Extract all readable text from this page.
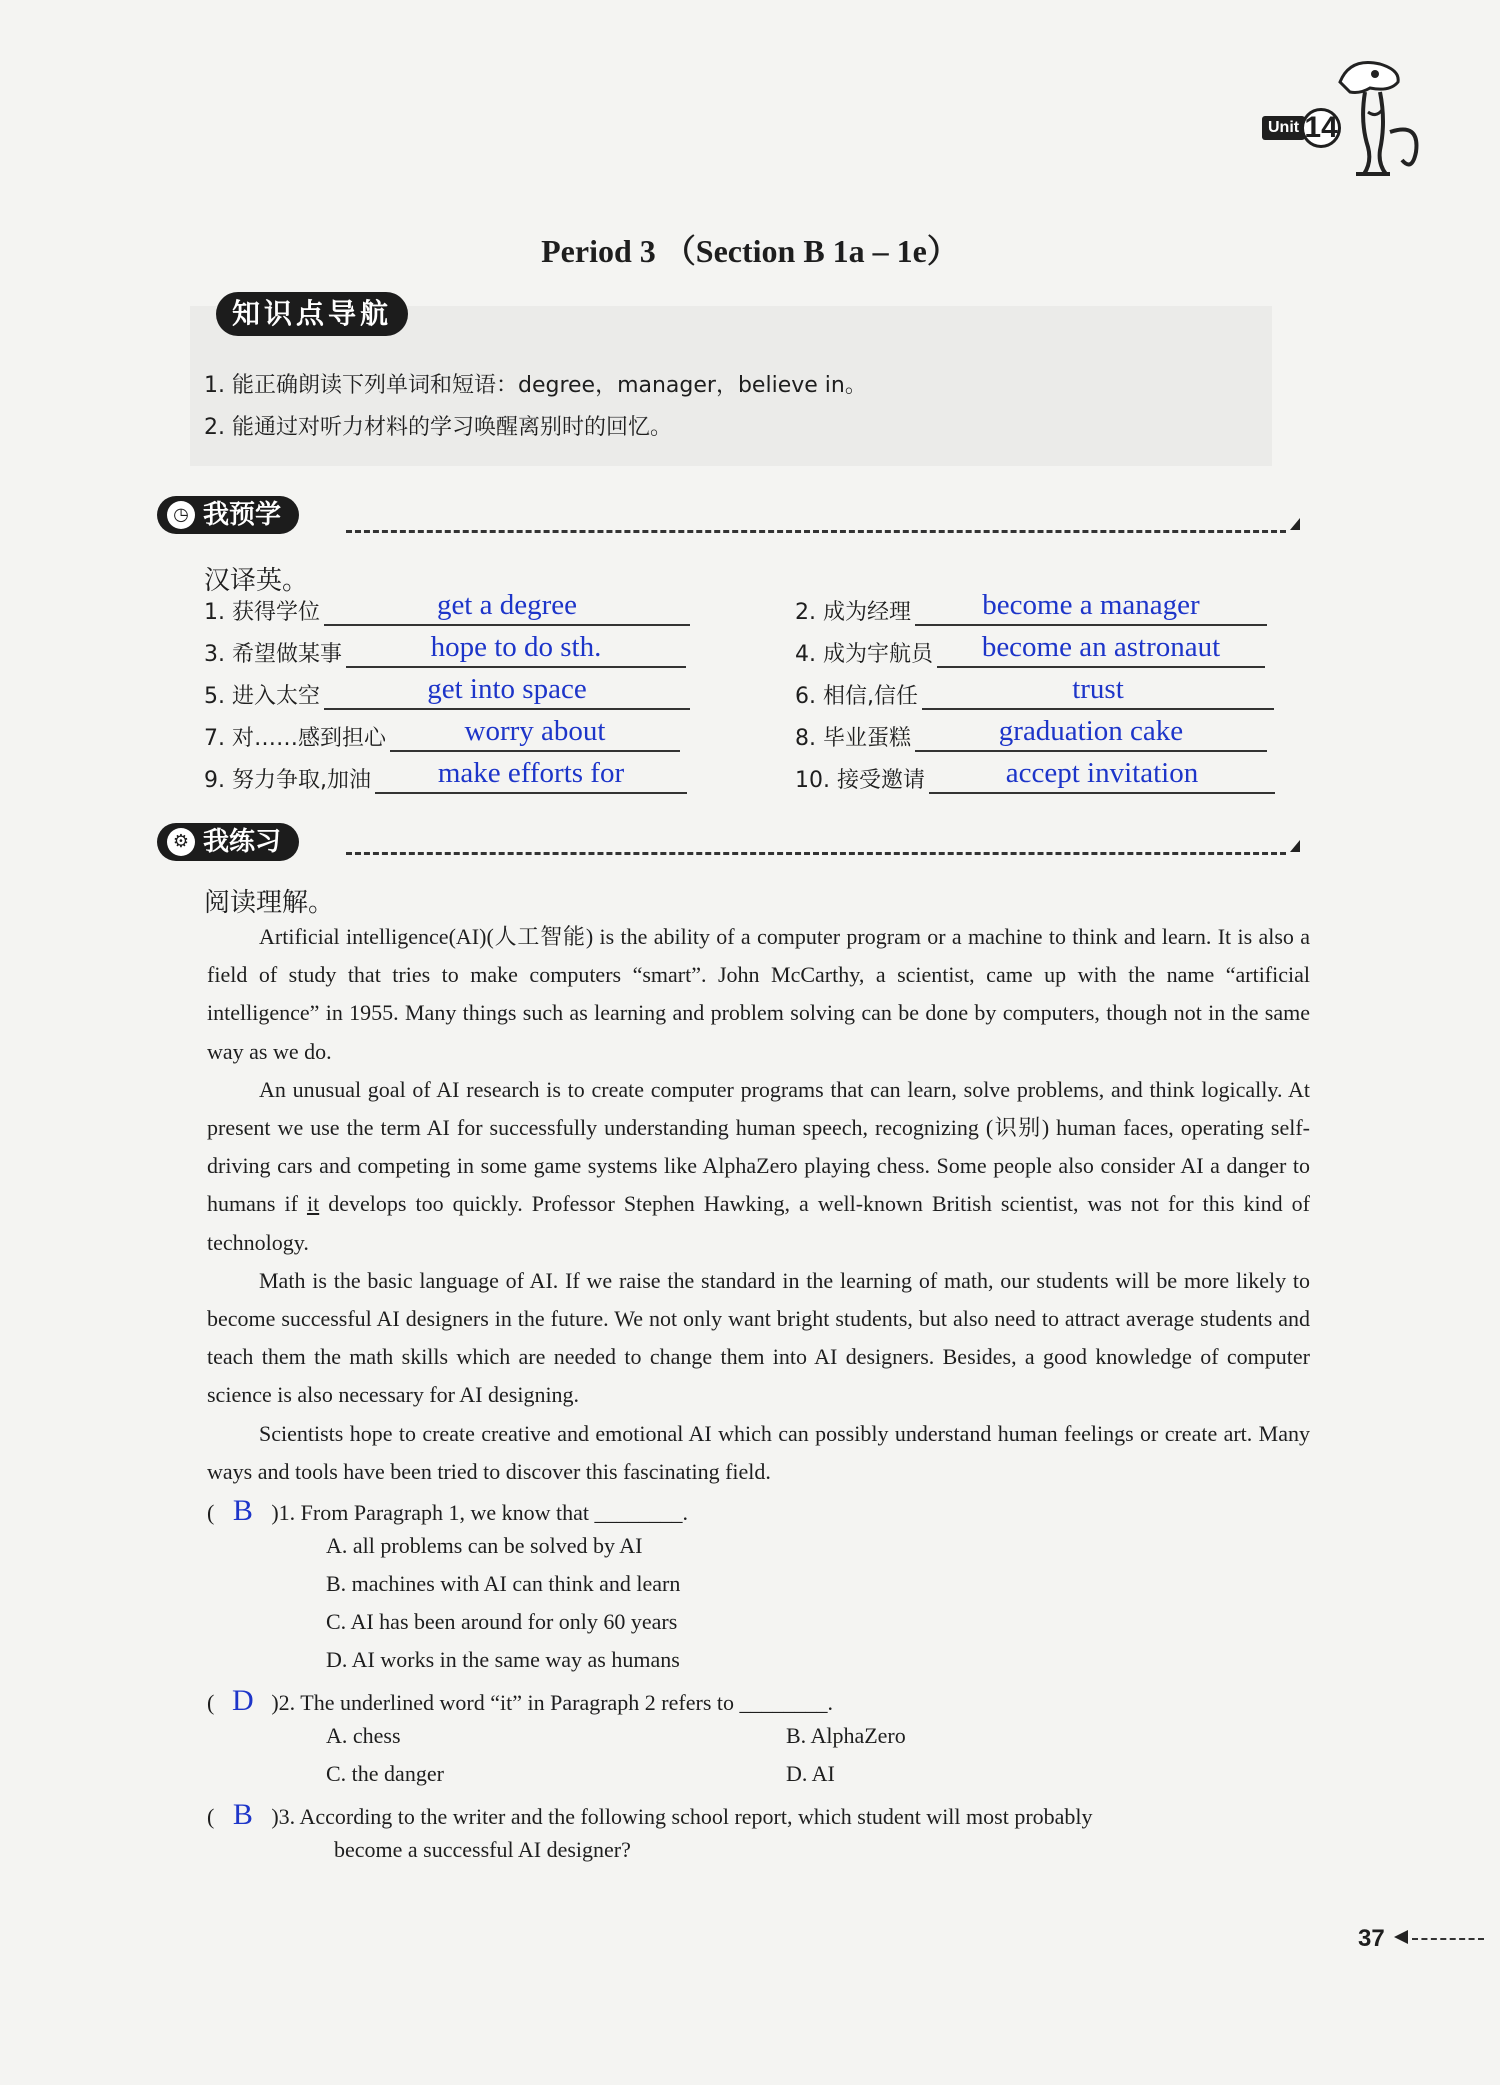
Unit 14
Period 3 （Section B 1a – 1e）
知识点导航
1. 能正确朗读下列单词和短语：degree，manager，believe in。
2. 能通过对听力材料的学习唤醒离别时的回忆。
◷ 我预学
汉译英。
1. 获得学位	get a degree	2. 成为经理	become a manager
3. 希望做某事	hope to do sth.	4. 成为宇航员	become an astronaut
5. 进入太空	get into space	6. 相信,信任	trust
7. 对……感到担心	worry about	8. 毕业蛋糕	graduation cake
9. 努力争取,加油	make efforts for	10. 接受邀请	accept invitation
⚙ 我练习
阅读理解。

Artificial intelligence(AI)(人工智能) is the ability of a computer program or a machine to think and learn. It is also a field of study that tries to make computers “smart”. John McCarthy, a scientist, came up with the name “artificial intelligence” in 1955. Many things such as learning and problem solving can be done by computers, though not in the same way as we do.

An unusual goal of AI research is to create computer programs that can learn, solve problems, and think logically. At present we use the term AI for successfully understanding human speech, recognizing (识别) human faces, operating self-driving cars and competing in some game systems like AlphaZero playing chess. Some people also consider AI a danger to humans if it develops too quickly. Professor Stephen Hawking, a well-known British scientist, was not for this kind of technology.

Math is the basic language of AI. If we raise the standard in the learning of math, our students will be more likely to become successful AI designers in the future. We not only want bright students, but also need to attract average students and teach them the math skills which are needed to change them into AI designers. Besides, a good knowledge of computer science is also necessary for AI designing.

Scientists hope to create creative and emotional AI which can possibly understand human feelings or create art. Many ways and tools have been tried to discover this fascinating field.

( B )1. From Paragraph 1, we know that ________.
A. all problems can be solved by AI
B. machines with AI can think and learn
C. AI has been around for only 60 years
D. AI works in the same way as humans
( D )2. The underlined word “it” in Paragraph 2 refers to ________.
A. chess	B. AlphaZero
C. the danger	D. AI
( B )3. According to the writer and the following school report, which student will most probably
become a successful AI designer?
37
